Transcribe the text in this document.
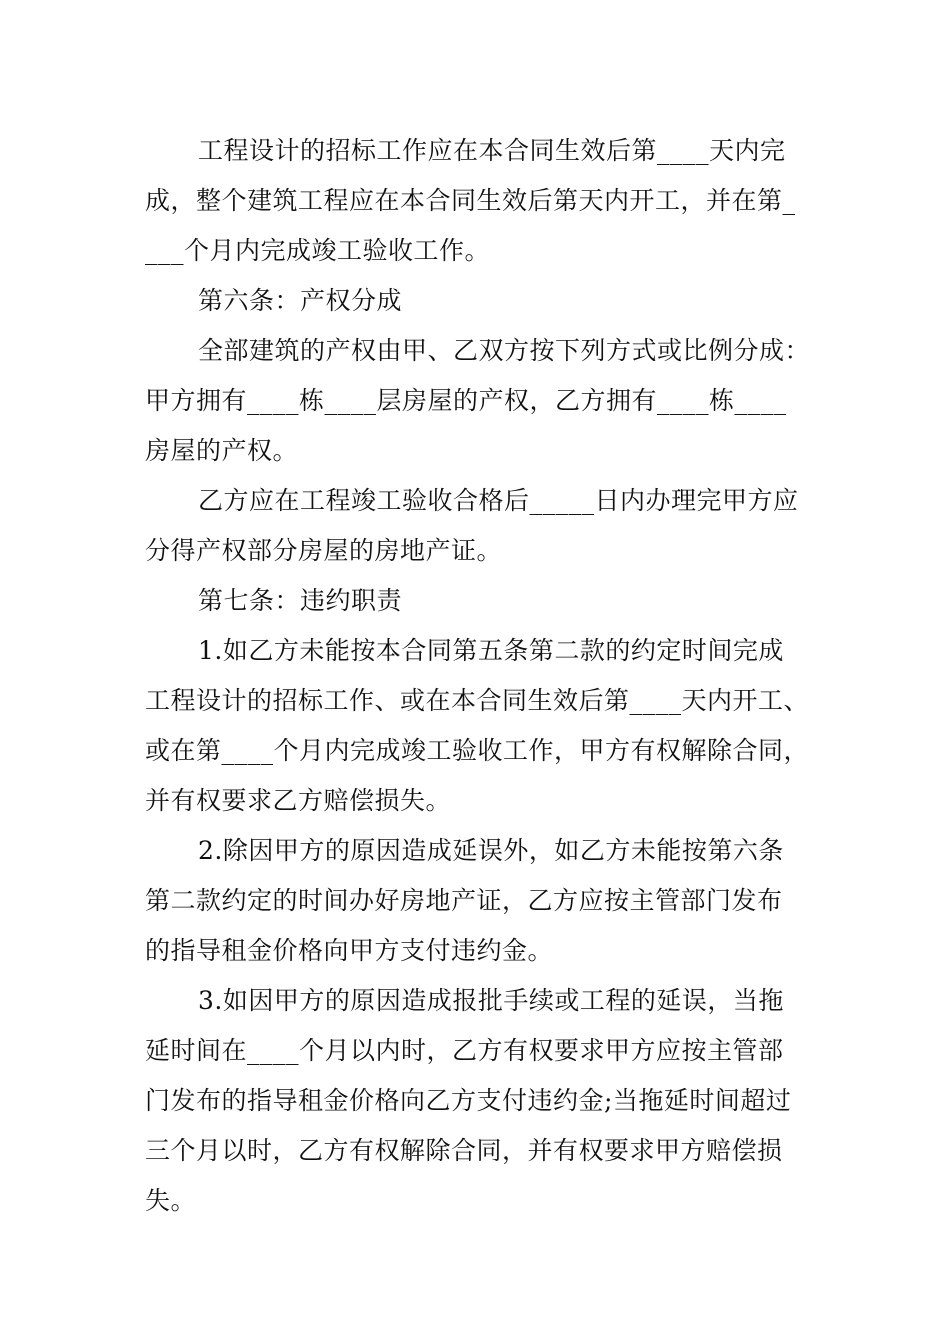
工程设计的招标工作应在本合同生效后第____天内完
成，整个建筑工程应在本合同生效后第天内开工，并在第_
___个月内完成竣工验收工作。
第六条：产权分成
全部建筑的产权由甲、乙双方按下列方式或比例分成：
甲方拥有____栋____层房屋的产权，乙方拥有____栋____
房屋的产权。
乙方应在工程竣工验收合格后_____日内办理完甲方应
分得产权部分房屋的房地产证。
第七条：违约职责
1.如乙方未能按本合同第五条第二款的约定时间完成
工程设计的招标工作、或在本合同生效后第____天内开工、
或在第____个月内完成竣工验收工作，甲方有权解除合同，
并有权要求乙方赔偿损失。
2.除因甲方的原因造成延误外，如乙方未能按第六条
第二款约定的时间办好房地产证，乙方应按主管部门发布
的指导租金价格向甲方支付违约金。
3.如因甲方的原因造成报批手续或工程的延误，当拖
延时间在____个月以内时，乙方有权要求甲方应按主管部
门发布的指导租金价格向乙方支付违约金;当拖延时间超过
三个月以时，乙方有权解除合同，并有权要求甲方赔偿损
失。
